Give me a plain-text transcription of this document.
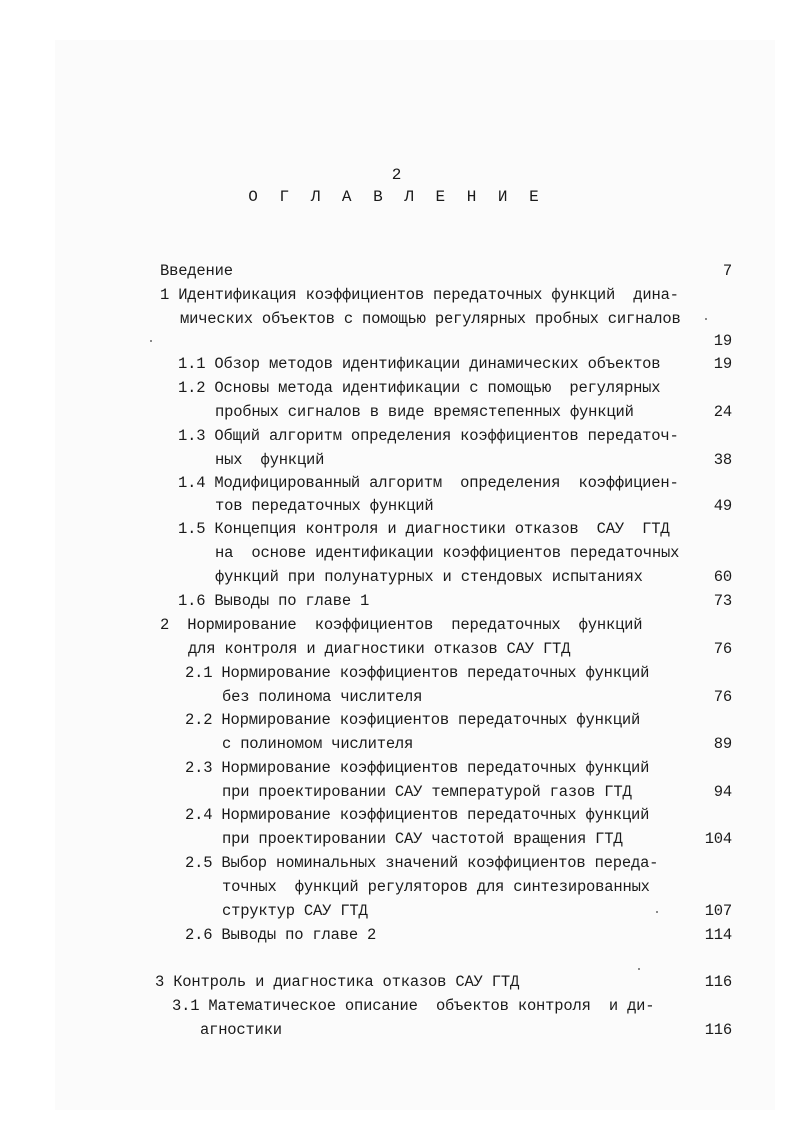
2
О Г Л А В Л Е Н И Е
Введение	7
1 Идентификация коэффициентов передаточных функций  дина-
мических объектов с помощью регулярных пробных сигналов
19
1.1 Обзор методов идентификации динамических объектов	19
1.2 Основы метода идентификации с помощью  регулярных
пробных сигналов в виде времястепенных функций	24
1.3 Общий алгоритм определения коэффициентов передаточ-
ных  функций	38
1.4 Модифицированный алгоритм  определения  коэффициен-
тов передаточных функций	49
1.5 Концепция контроля и диагностики отказов  САУ  ГТД
на  основе идентификации коэффициентов передаточных
функций при полунатурных и стендовых испытаниях	60
1.6 Выводы по главе 1	73
2  Нормирование  коэффициентов  передаточных  функций
для контроля и диагностики отказов САУ ГТД	76
2.1 Нормирование коэффициентов передаточных функций
без полинома числителя	76
2.2 Нормирование коэфициентов передаточных функций
с полиномом числителя	89
2.3 Нормирование коэффициентов передаточных функций
при проектировании САУ температурой газов ГТД	94
2.4 Нормирование коэффициентов передаточных функций
при проектировании САУ частотой вращения ГТД	104
2.5 Выбор номинальных значений коэффициентов переда-
точных  функций регуляторов для синтезированных
структур САУ ГТД	107
2.6 Выводы по главе 2	114
3 Контроль и диагностика отказов САУ ГТД	116
3.1 Математическое описание  объектов контроля  и ди-
агностики	116
